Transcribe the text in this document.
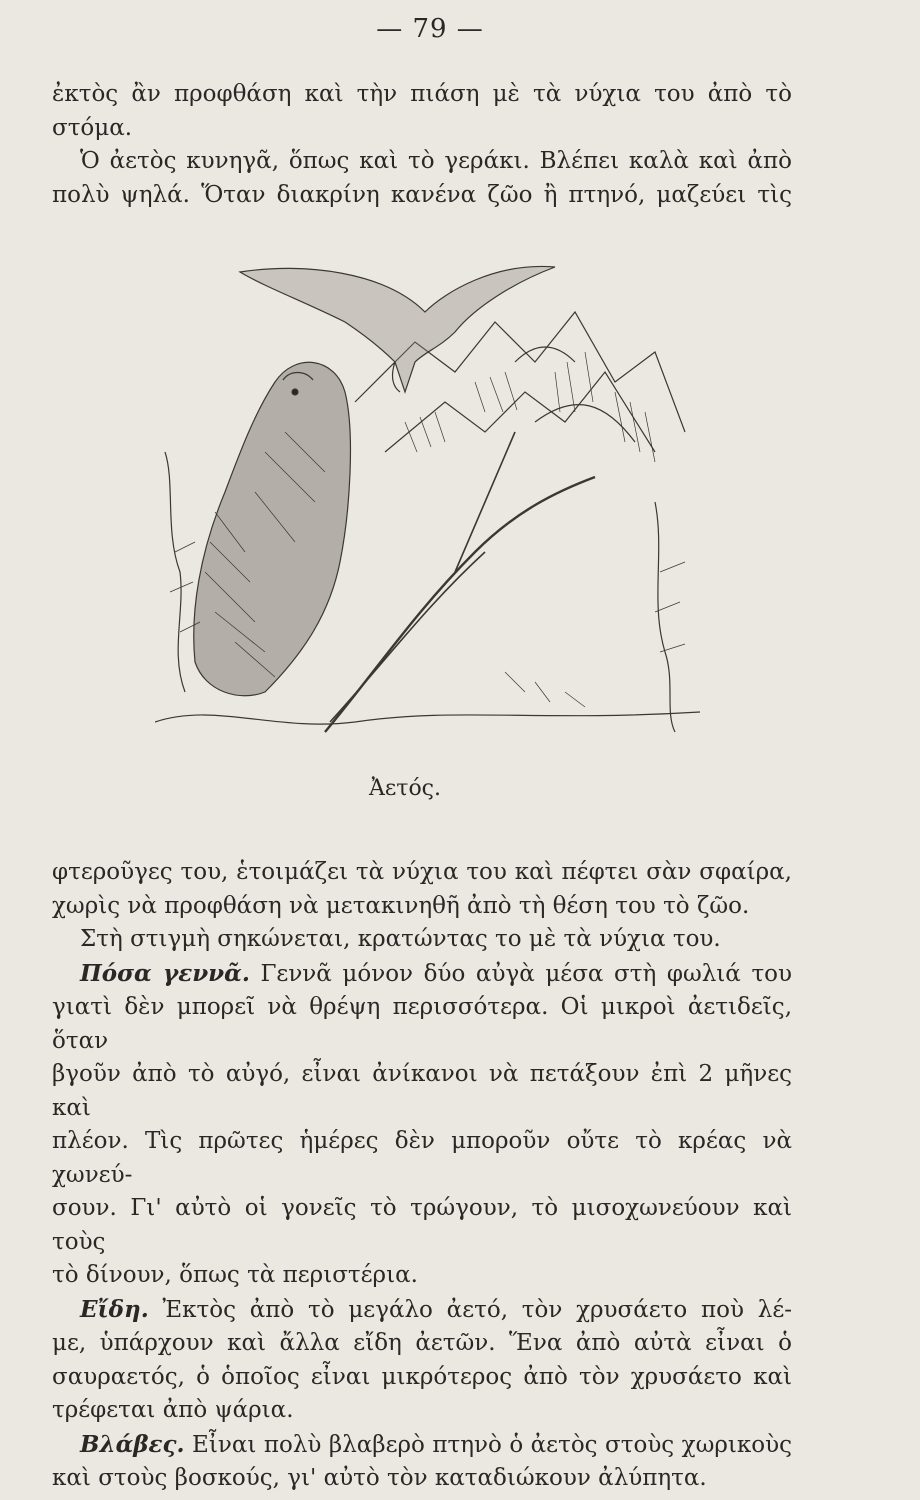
— 79 —
ἐκτὸς ἂν προφθάση καὶ τὴν πιάση μὲ τὰ νύχια του ἀπὸ τὸ
στόμα.
Ὁ ἀετὸς κυνηγᾶ, ὅπως καὶ τὸ γεράκι. Βλέπει καλὰ καὶ ἀπὸ
πολὺ ψηλά. Ὅταν διακρίνη κανένα ζῶο ἢ πτηνό, μαζεύει τὶς
Ἀετός.
φτεροῦγες του, ἑτοιμάζει τὰ νύχια του καὶ πέφτει σὰν σφαίρα,
χωρὶς νὰ προφθάση νὰ μετακινηθῆ ἀπὸ τὴ θέση του τὸ ζῶο.
Στὴ στιγμὴ σηκώνεται, κρατώντας το μὲ τὰ νύχια του.
Πόσα γεννᾶ. Γεννᾶ μόνον δύο αὐγὰ μέσα στὴ φωλιά του
γιατὶ δὲν μπορεῖ νὰ θρέψη περισσότερα. Οἱ μικροὶ ἀετιδεῖς, ὅταν
βγοῦν ἀπὸ τὸ αὐγό, εἶναι ἀνίκανοι νὰ πετάξουν ἐπὶ 2 μῆνες καὶ
πλέον. Τὶς πρῶτες ἡμέρες δὲν μποροῦν οὔτε τὸ κρέας νὰ χωνεύ-
σουν. Γι' αὐτὸ οἱ γονεῖς τὸ τρώγουν, τὸ μισοχωνεύουν καὶ τοὺς
τὸ δίνουν, ὅπως τὰ περιστέρια.
Εἴδη. Ἐκτὸς ἀπὸ τὸ μεγάλο ἀετό, τὸν χρυσάετο ποὺ λέ-
με, ὑπάρχουν καὶ ἄλλα εἴδη ἀετῶν. Ἕνα ἀπὸ αὐτὰ εἶναι ὁ
σαυραετός, ὁ ὁποῖος εἶναι μικρότερος ἀπὸ τὸν χρυσάετο καὶ
τρέφεται ἀπὸ ψάρια.
Βλάβες. Εἶναι πολὺ βλαβερὸ πτηνὸ ὁ ἀετὸς στοὺς χωρικοὺς
καὶ στοὺς βοσκούς, γι' αὐτὸ τὸν καταδιώκουν ἀλύπητα.
